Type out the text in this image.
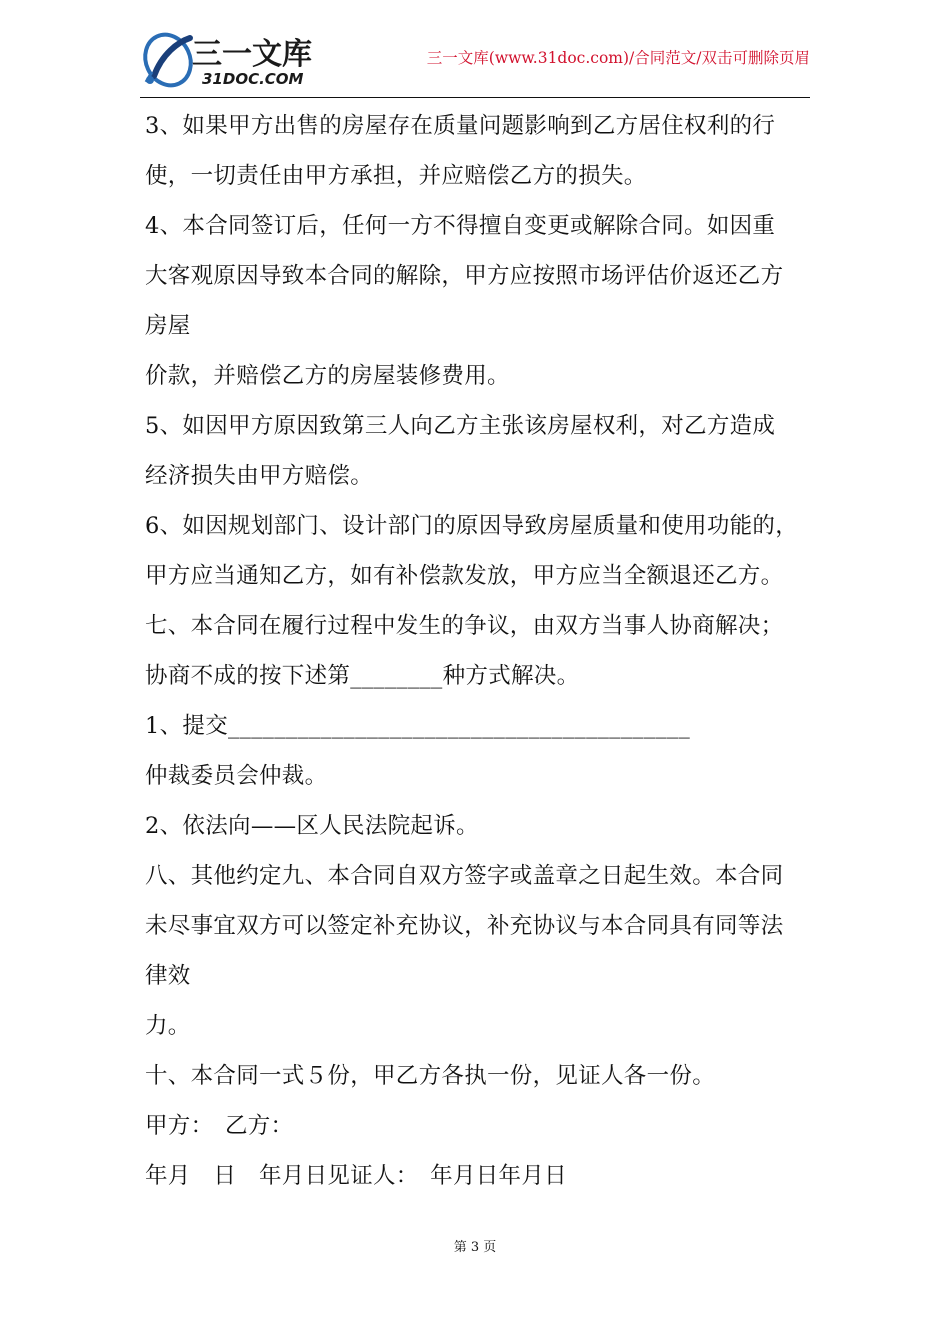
三一文库
31DOC.COM
三一文库(www.31doc.com)/合同范文/双击可删除页眉
3、如果甲方出售的房屋存在质量问题影响到乙方居住权利的行
使，一切责任由甲方承担，并应赔偿乙方的损失。
4、本合同签订后，任何一方不得擅自变更或解除合同。如因重
大客观原因导致本合同的解除，甲方应按照市场评估价返还乙方
房屋
价款，并赔偿乙方的房屋装修费用。
5、如因甲方原因致第三人向乙方主张该房屋权利，对乙方造成
经济损失由甲方赔偿。
6、如因规划部门、设计部门的原因导致房屋质量和使用功能的，
甲方应当通知乙方，如有补偿款发放，甲方应当全额退还乙方。
七、本合同在履行过程中发生的争议，由双方当事人协商解决；
协商不成的按下述第________种方式解决。
1、提交________________________________________
仲裁委员会仲裁。
2、依法向——区人民法院起诉。
八、其他约定九、本合同自双方签字或盖章之日起生效。本合同
未尽事宜双方可以签定补充协议，补充协议与本合同具有同等法
律效
力。
十、本合同一式５份，甲乙方各执一份，见证人各一份。
甲方：　乙方：
年月　日　年月日见证人：　年月日年月日
第 3 页
